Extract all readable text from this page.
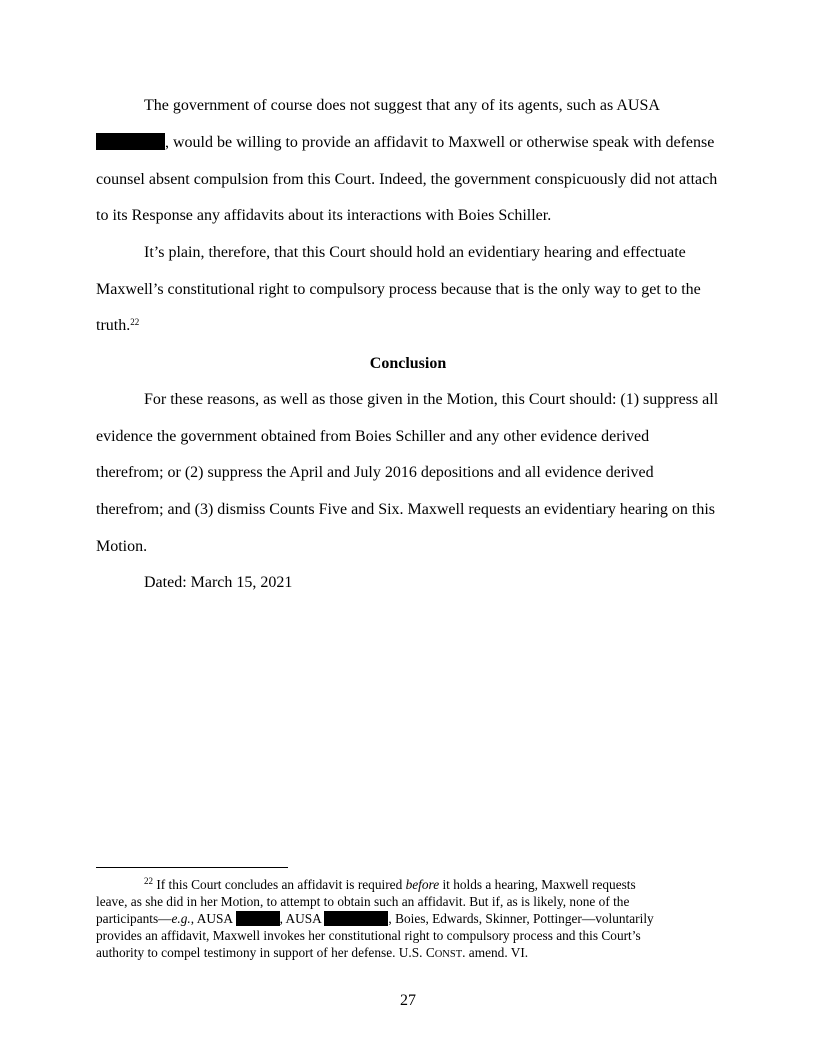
The government of course does not suggest that any of its agents, such as AUSA
, would be willing to provide an affidavit to Maxwell or otherwise speak with defense
counsel absent compulsion from this Court. Indeed, the government conspicuously did not attach
to its Response any affidavits about its interactions with Boies Schiller.
It’s plain, therefore, that this Court should hold an evidentiary hearing and effectuate
Maxwell’s constitutional right to compulsory process because that is the only way to get to the
truth.$^{22}$
Conclusion
For these reasons, as well as those given in the Motion, this Court should: (1) suppress all
evidence the government obtained from Boies Schiller and any other evidence derived
therefrom; or (2) suppress the April and July 2016 depositions and all evidence derived
therefrom; and (3) dismiss Counts Five and Six. Maxwell requests an evidentiary hearing on this
Motion.
Dated: March 15, 2021
$^{22}$ If this Court concludes an affidavit is required before it holds a hearing, Maxwell requests
leave, as she did in her Motion, to attempt to obtain such an affidavit. But if, as is likely, none of the
participants—e.g., AUSA	, AUSA	, Boies, Edwards, Skinner, Pottinger—voluntarily
provides an affidavit, Maxwell invokes her constitutional right to compulsory process and this Court’s
authority to compel testimony in support of her defense. U.S. CONST. amend. VI.
27
